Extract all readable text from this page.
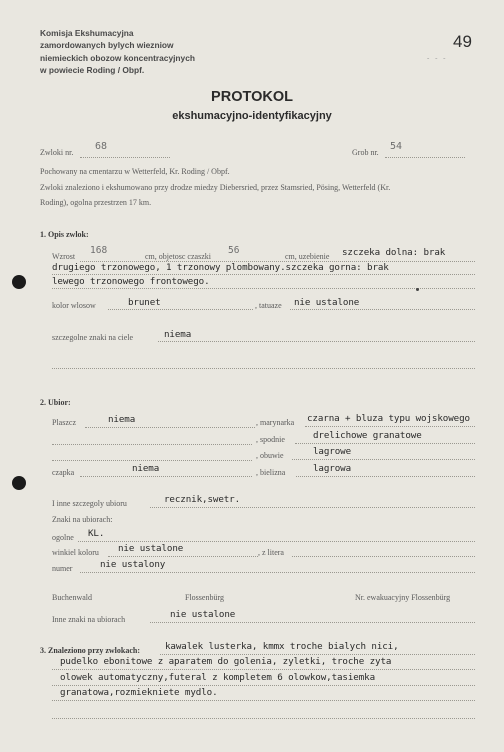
Komisja Ekshumacyjna
zamordowanych bylych wiezniow
niemieckich obozow koncentracyjnych
w powiecie Roding / Obpf.
49
- - -
PROTOKOL
ekshumacyjno-identyfikacyjny
Zwloki nr.
68
Grob nr.
54
Pochowany na cmentarzu w Wetterfeld, Kr. Roding / Obpf.
Zwloki znaleziono i ekshumowano przy drodze miedzy Diebersried, przez Stamsried, Pösing, Wetterfeld (Kr.
Roding), ogolna przestrzen 17 km.
1. Opis zwlok:
Wzrost
168
cm, objetosc czaszki
56
cm, uzebienie szczeka dolna: brak
drugiego trzonowego, 1 trzonowy plombowany.szczeka gorna: brak
lewego trzonowego frontowego.
kolor wlosow	brunet	, tatuaze nie ustalone
szczegolne znaki na ciele	niema
2. Ubior:
Plaszcz	niema	, marynarka czarna + bluza typu wojskowego
, spodnie	drelichowe granatowe
, obuwie	lagrowe
czapka	niema	, bielizna	lagrowa
I inne szczegoly ubioru	recznik,swetr.
Znaki na ubiorach:
ogolne KL.
winkiel koloru nie ustalone	, z litera
numer	nie ustalony
Buchenwald	Flossenbürg	Nr. ewakuacyjny Flossenbürg
Inne znaki na ubiorach	nie ustalone
3. Znaleziono przy zwlokach:	kawalek lusterka, kmmx troche bialych nici,
pudelko ebonitowe z aparatem do golenia, zyletki, troche zyta
olowek automatyczny,futeral z kompletem 6 olowkow,tasiemka
granatowa,rozmiekniete mydlo.
